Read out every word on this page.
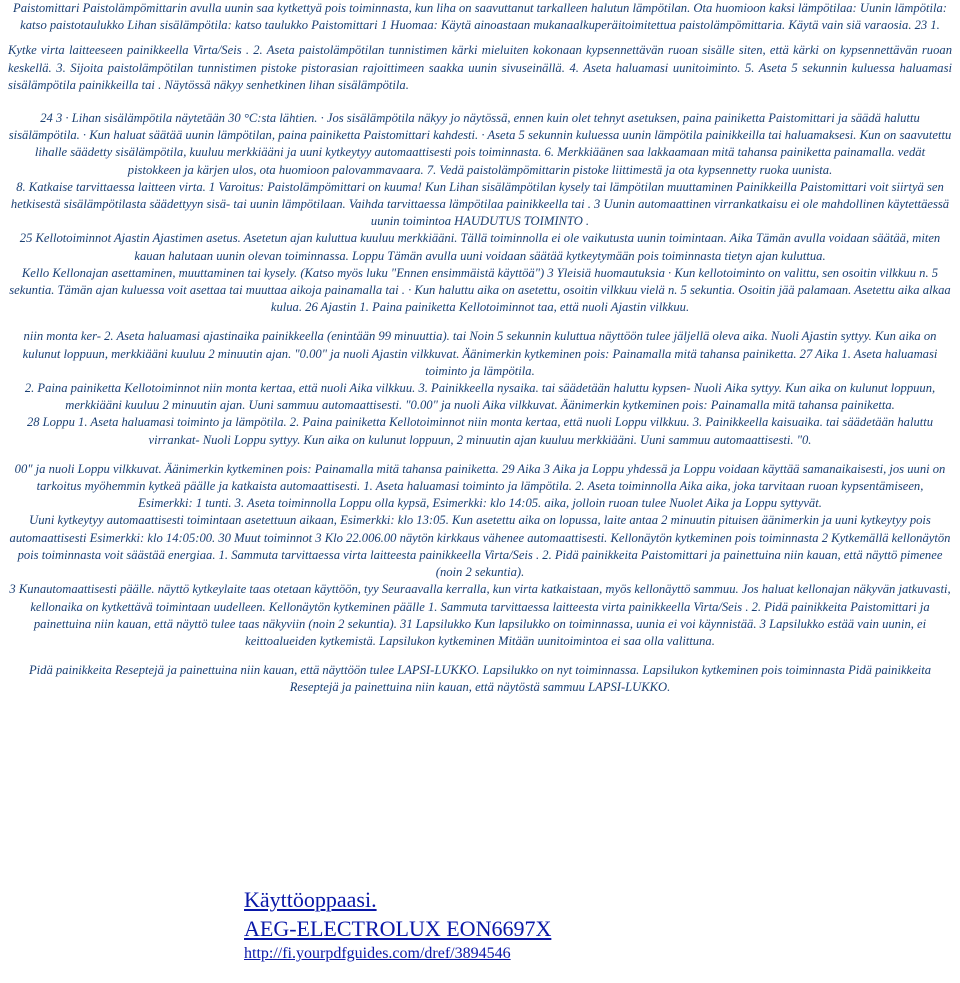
Paistomittari Paistolämpömittarin avulla uunin saa kytkettyä pois toiminnasta, kun liha on saavuttanut tarkalleen halutun lämpötilan. Ota huomioon kaksi lämpötilaa: Uunin lämpötila: katso paistotaulukko Lihan sisälämpötila: katso taulukko Paistomittari 1 Huomaa: Käytä ainoastaan mukanaalkuperäitoimitettua paistolämpömittaria. Käytä vain siä varaosia. 23 1.

Kytke virta laitteeseen painikkeella Virta/Seis . 2. Aseta paistolämpötilan tunnistimen kärki mieluiten kokonaan kypsennettävän ruoan sisälle siten, että kärki on kypsennettävän ruoan keskellä. 3. Sijoita paistolämpötilan tunnistimen pistoke pistorasian rajoittimeen saakka uunin sivuseinällä. 4. Aseta haluamasi uunitoiminto. 5. Aseta 5 sekunnin kuluessa haluamasi sisälämpötila painikkeilla tai . Näytössä näkyy senhetkinen lihan sisälämpötila.

24 3 · Lihan sisälämpötila näytetään 30 °C:sta lähtien. · Jos sisälämpötila näkyy jo näytössä, ennen kuin olet tehnyt asetuksen, paina painiketta Paistomittari ja säädä haluttu sisälämpötila. · Kun haluat säätää uunin lämpötilan, paina painiketta Paistomittari kahdesti. · Aseta 5 sekunnin kuluessa uunin lämpötila painikkeilla tai haluamaksesi. Kun on saavutettu lihalle säädetty sisälämpötila, kuuluu merkkiääni ja uuni kytkeytyy automaattisesti pois toiminnasta. 6. Merkkiäänen saa lakkaamaan mitä tahansa painiketta painamalla. vedät pistokkeen ja kärjen ulos, ota huomioon palovammavaara. 7. Vedä paistolämpömittarin pistoke liittimestä ja ota kypsennetty ruoka uunista.

8. Katkaise tarvittaessa laitteen virta. 1 Varoitus: Paistolämpömittari on kuuma! Kun Lihan sisälämpötilan kysely tai lämpötilan muuttaminen Painikkeilla Paistomittari voit siirtyä sen hetkisestä sisälämpötilasta säädettyyn sisä- tai uunin lämpötilaan. Vaihda tarvittaessa lämpötilaa painikkeella tai . 3 Uunin automaattinen virrankatkaisu ei ole mahdollinen käytettäessä uunin toimintoa HAUDUTUS TOIMINTO .

25 Kellotoiminnot Ajastin Ajastimen asetus. Asetetun ajan kuluttua kuuluu merkkiääni. Tällä toiminnolla ei ole vaikutusta uunin toimintaan. Aika Tämän avulla voidaan säätää, miten kauan halutaan uunin olevan toiminnassa. Loppu Tämän avulla uuni voidaan säätää kytkeytymään pois toiminnasta tietyn ajan kuluttua.

Kello Kellonajan asettaminen, muuttaminen tai kysely. (Katso myös luku "Ennen ensimmäistä käyttöä") 3 Yleisiä huomautuksia · Kun kellotoiminto on valittu, sen osoitin vilkkuu n. 5 sekuntia. Tämän ajan kuluessa voit asettaa tai muuttaa aikoja painamalla tai . · Kun haluttu aika on asetettu, osoitin vilkkuu vielä n. 5 sekuntia. Osoitin jää palamaan. Asetettu aika alkaa kulua. 26 Ajastin 1. Paina painiketta Kellotoiminnot taa, että nuoli Ajastin vilkkuu.

niin monta ker- 2. Aseta haluamasi ajastinaika painikkeella (enintään 99 minuuttia). tai Noin 5 sekunnin kuluttua näyttöön tulee jäljellä oleva aika. Nuoli Ajastin syttyy. Kun aika on kulunut loppuun, merkkiääni kuuluu 2 minuutin ajan. "0.00" ja nuoli Ajastin vilkkuvat. Äänimerkin kytkeminen pois: Painamalla mitä tahansa painiketta. 27 Aika 1. Aseta haluamasi toiminto ja lämpötila.

2. Paina painiketta Kellotoiminnot niin monta kertaa, että nuoli Aika vilkkuu. 3. Painikkeella nysaika. tai säädetään haluttu kypsen- Nuoli Aika syttyy. Kun aika on kulunut loppuun, merkkiääni kuuluu 2 minuutin ajan. Uuni sammuu automaattisesti. "0.00" ja nuoli Aika vilkkuvat. Äänimerkin kytkeminen pois: Painamalla mitä tahansa painiketta.

28 Loppu 1. Aseta haluamasi toiminto ja lämpötila. 2. Paina painiketta Kellotoiminnot niin monta kertaa, että nuoli Loppu vilkkuu. 3. Painikkeella kaisuaika. tai säädetään haluttu virrankat- Nuoli Loppu syttyy. Kun aika on kulunut loppuun, 2 minuutin ajan kuuluu merkkiääni. Uuni sammuu automaattisesti. "0.

00" ja nuoli Loppu vilkkuvat. Äänimerkin kytkeminen pois: Painamalla mitä tahansa painiketta. 29 Aika 3 Aika ja Loppu yhdessä ja Loppu voidaan käyttää samanaikaisesti, jos uuni on tarkoitus myöhemmin kytkeä päälle ja katkaista automaattisesti. 1. Aseta haluamasi toiminto ja lämpötila. 2. Aseta toiminnolla Aika aika, joka tarvitaan ruoan kypsentämiseen, Esimerkki: 1 tunti. 3. Aseta toiminnolla Loppu olla kypsä, Esimerkki: klo 14:05. aika, jolloin ruoan tulee Nuolet Aika ja Loppu syttyvät.

Uuni kytkeytyy automaattisesti toimintaan asetettuun aikaan, Esimerkki: klo 13:05. Kun asetettu aika on lopussa, laite antaa 2 minuutin pituisen äänimerkin ja uuni kytkeytyy pois automaattisesti Esimerkki: klo 14:05:00. 30 Muut toiminnot 3 Klo 22.006.00 näytön kirkkaus vähenee automaattisesti. Kellonäytön kytkeminen pois toiminnasta 2 Kytkemällä kellonäytön pois toiminnasta voit säästää energiaa. 1. Sammuta tarvittaessa virta laitteesta painikkeella Virta/Seis . 2. Pidä painikkeita Paistomittari ja painettuina niin kauan, että näyttö pimenee (noin 2 sekuntia).

3 Kunautomaattisesti päälle. näyttö kytkeylaite taas otetaan käyttöön, tyy Seuraavalla kerralla, kun virta katkaistaan, myös kellonäyttö sammuu. Jos haluat kellonajan näkyvän jatkuvasti, kellonaika on kytkettävä toimintaan uudelleen. Kellonäytön kytkeminen päälle 1. Sammuta tarvittaessa laitteesta virta painikkeella Virta/Seis . 2. Pidä painikkeita Paistomittari ja painettuina niin kauan, että näyttö tulee taas näkyviin (noin 2 sekuntia). 31 Lapsilukko Kun lapsilukko on toiminnassa, uunia ei voi käynnistää. 3 Lapsilukko estää vain uunin, ei keittoalueiden kytkemistä. Lapsilukon kytkeminen Mitään uunitoimintoa ei saa olla valittuna.

Pidä painikkeita Reseptejä ja painettuina niin kauan, että näyttöön tulee LAPSI-LUKKO. Lapsilukko on nyt toiminnassa. Lapsilukon kytkeminen pois toiminnasta Pidä painikkeita Reseptejä ja painettuina niin kauan, että näytöstä sammuu LAPSI-LUKKO.

Käyttöoppaasi.
AEG-ELECTROLUX EON6697X
http://fi.yourpdfguides.com/dref/3894546
